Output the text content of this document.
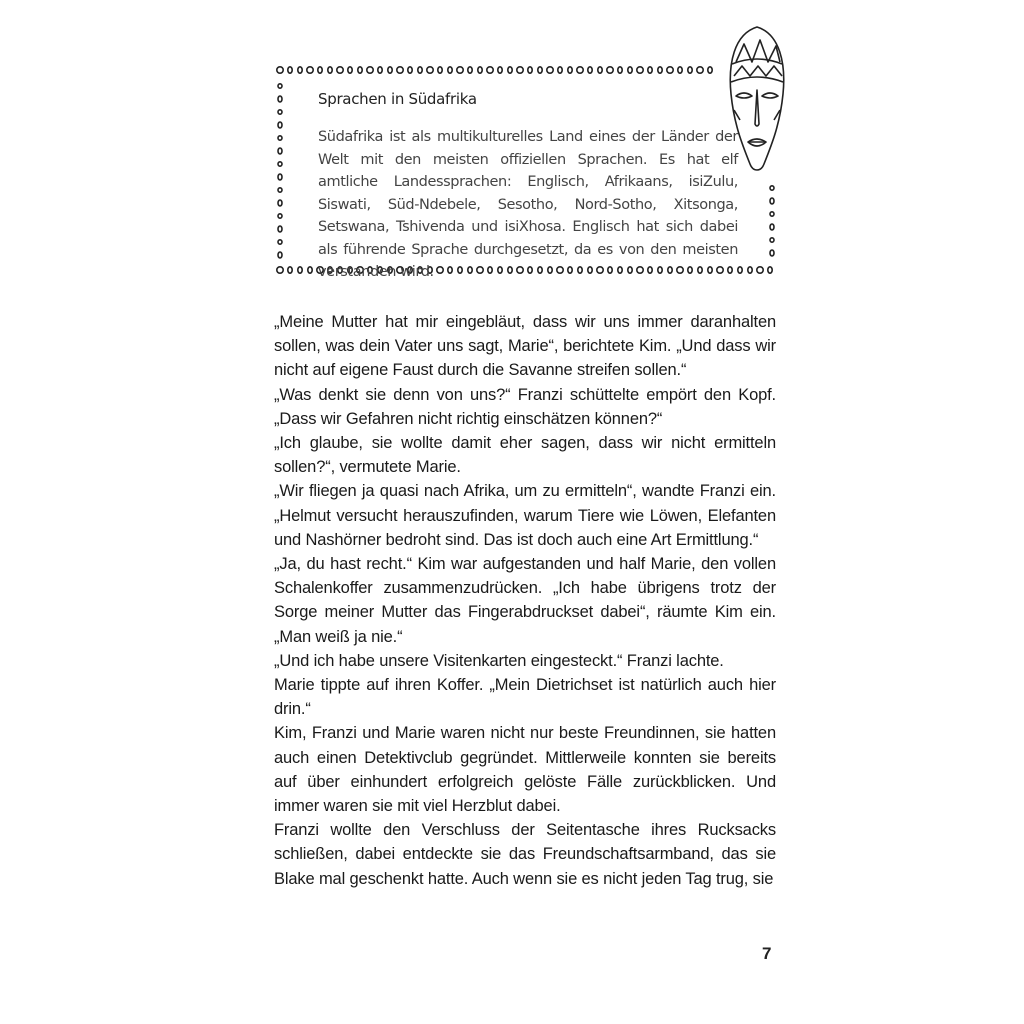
Sprachen in Südafrika
Südafrika ist als multikulturelles Land eines der Länder der Welt mit den meisten offiziellen Sprachen. Es hat elf amtliche Landessprachen: Englisch, Afrikaans, isiZulu, Siswati, Süd-Ndebele, Sesotho, Nord-Sotho, Xitsonga, Setswana, Tshivenda und isiXhosa. Englisch hat sich dabei als führende Sprache durchgesetzt, da es von den meisten verstanden wird.

„Meine Mutter hat mir eingebläut, dass wir uns immer daranhalten sollen, was dein Vater uns sagt, Marie“, berichtete Kim. „Und dass wir nicht auf eigene Faust durch die Savanne streifen sollen.“

„Was denkt sie denn von uns?“ Franzi schüttelte empört den Kopf. „Dass wir Gefahren nicht richtig einschätzen können?“

„Ich glaube, sie wollte damit eher sagen, dass wir nicht ermitteln sollen?“, vermutete Marie.

„Wir fliegen ja quasi nach Afrika, um zu ermitteln“, wandte Franzi ein. „Helmut versucht herauszufinden, warum Tiere wie Löwen, Elefanten und Nashörner bedroht sind. Das ist doch auch eine Art Ermittlung.“

„Ja, du hast recht.“ Kim war aufgestanden und half Marie, den vollen Schalenkoffer zusammenzudrücken. „Ich habe übrigens trotz der Sorge meiner Mutter das Fingerabdruckset dabei“, räumte Kim ein. „Man weiß ja nie.“

„Und ich habe unsere Visitenkarten eingesteckt.“ Franzi lachte.

Marie tippte auf ihren Koffer. „Mein Dietrichset ist natürlich auch hier drin.“

Kim, Franzi und Marie waren nicht nur beste Freundinnen, sie hatten auch einen Detektivclub gegründet. Mittlerweile konnten sie bereits auf über einhundert erfolgreich gelöste Fälle zurückblicken. Und immer waren sie mit viel Herzblut dabei.

Franzi wollte den Verschluss der Seitentasche ihres Rucksacks schließen, dabei entdeckte sie das Freundschaftsarmband, das sie Blake mal geschenkt hatte. Auch wenn sie es nicht jeden Tag trug, sie

7
